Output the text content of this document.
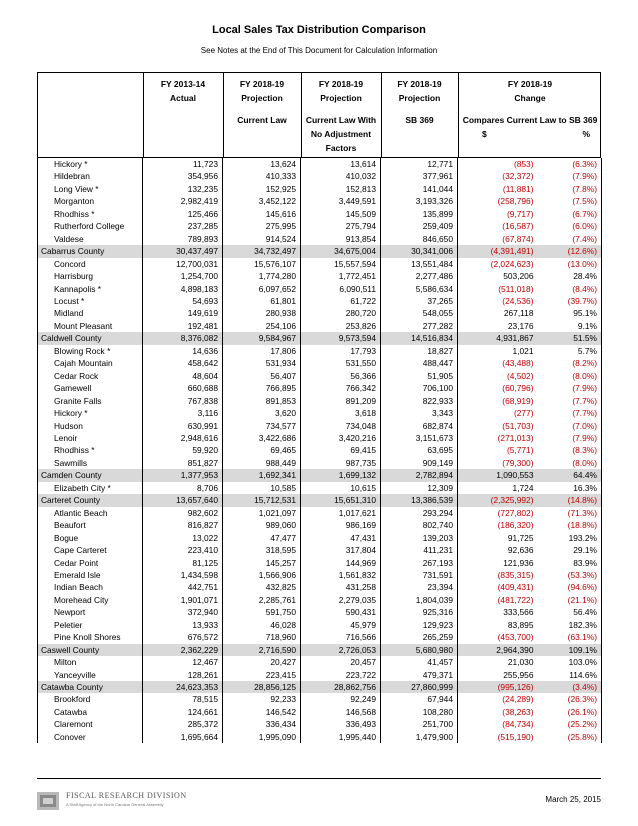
Local Sales Tax Distribution Comparison
See Notes at the End of This Document for Calculation Information
FY 2013-14
Actual
FY 2018-19
Projection
Current Law
FY 2018-19
Projection
Current Law With
No Adjustment
Factors
FY 2018-19
Projection
SB 369
FY 2018-19
Change
Compares Current Law to SB 369
$	%
Hickory *	11,723	13,624	13,614	12,771	(853)	(6.3%)
Hildebran	354,956	410,333	410,032	377,961	(32,372)	(7.9%)
Long View *	132,235	152,925	152,813	141,044	(11,881)	(7.8%)
Morganton	2,982,419	3,452,122	3,449,591	3,193,326	(258,796)	(7.5%)
Rhodhiss *	125,466	145,616	145,509	135,899	(9,717)	(6.7%)
Rutherford College	237,285	275,995	275,794	259,409	(16,587)	(6.0%)
Valdese	789,893	914,524	913,854	846,650	(67,874)	(7.4%)
Cabarrus County	30,437,497	34,732,497	34,675,004	30,341,006	(4,391,491)	(12.6%)
Concord	12,700,031	15,576,107	15,557,594	13,551,484	(2,024,623)	(13.0%)
Harrisburg	1,254,700	1,774,280	1,772,451	2,277,486	503,206	28.4%
Kannapolis *	4,898,183	6,097,652	6,090,511	5,586,634	(511,018)	(8.4%)
Locust *	54,693	61,801	61,722	37,265	(24,536)	(39.7%)
Midland	149,619	280,938	280,720	548,055	267,118	95.1%
Mount Pleasant	192,481	254,106	253,826	277,282	23,176	9.1%
Caldwell County	8,376,082	9,584,967	9,573,594	14,516,834	4,931,867	51.5%
Blowing Rock *	14,636	17,806	17,793	18,827	1,021	5.7%
Cajah Mountain	458,642	531,934	531,550	488,447	(43,488)	(8.2%)
Cedar Rock	48,604	56,407	56,366	51,905	(4,502)	(8.0%)
Gamewell	660,688	766,895	766,342	706,100	(60,796)	(7.9%)
Granite Falls	767,838	891,853	891,209	822,933	(68,919)	(7.7%)
Hickory *	3,116	3,620	3,618	3,343	(277)	(7.7%)
Hudson	630,991	734,577	734,048	682,874	(51,703)	(7.0%)
Lenoir	2,948,616	3,422,686	3,420,216	3,151,673	(271,013)	(7.9%)
Rhodhiss *	59,920	69,465	69,415	63,695	(5,771)	(8.3%)
Sawmills	851,827	988,449	987,735	909,149	(79,300)	(8.0%)
Camden County	1,377,953	1,692,341	1,699,132	2,782,894	1,090,553	64.4%
Elizabeth City *	8,706	10,585	10,615	12,309	1,724	16.3%
Carteret County	13,657,640	15,712,531	15,651,310	13,386,539	(2,325,992)	(14.8%)
Atlantic Beach	982,602	1,021,097	1,017,621	293,294	(727,802)	(71.3%)
Beaufort	816,827	989,060	986,169	802,740	(186,320)	(18.8%)
Bogue	13,022	47,477	47,431	139,203	91,725	193.2%
Cape Carteret	223,410	318,595	317,804	411,231	92,636	29.1%
Cedar Point	81,125	145,257	144,969	267,193	121,936	83.9%
Emerald Isle	1,434,598	1,566,906	1,561,832	731,591	(835,315)	(53.3%)
Indian Beach	442,751	432,825	431,258	23,394	(409,431)	(94.6%)
Morehead City	1,901,071	2,285,761	2,279,035	1,804,039	(481,722)	(21.1%)
Newport	372,940	591,750	590,431	925,316	333,566	56.4%
Peletier	13,933	46,028	45,979	129,923	83,895	182.3%
Pine Knoll Shores	676,572	718,960	716,566	265,259	(453,700)	(63.1%)
Caswell County	2,362,229	2,716,590	2,726,053	5,680,980	2,964,390	109.1%
Milton	12,467	20,427	20,457	41,457	21,030	103.0%
Yanceyville	128,261	223,415	223,722	479,371	255,956	114.6%
Catawba County	24,623,353	28,856,125	28,862,756	27,860,999	(995,126)	(3.4%)
Brookford	78,515	92,233	92,249	67,944	(24,289)	(26.3%)
Catawba	124,661	146,542	146,568	108,280	(38,263)	(26.1%)
Claremont	285,372	336,434	336,493	251,700	(84,734)	(25.2%)
Conover	1,695,664	1,995,090	1,995,440	1,479,900	(515,190)	(25.8%)
FISCAL RESEARCH DIVISION
A Staff Agency of the North Carolina General Assembly
March 25, 2015
